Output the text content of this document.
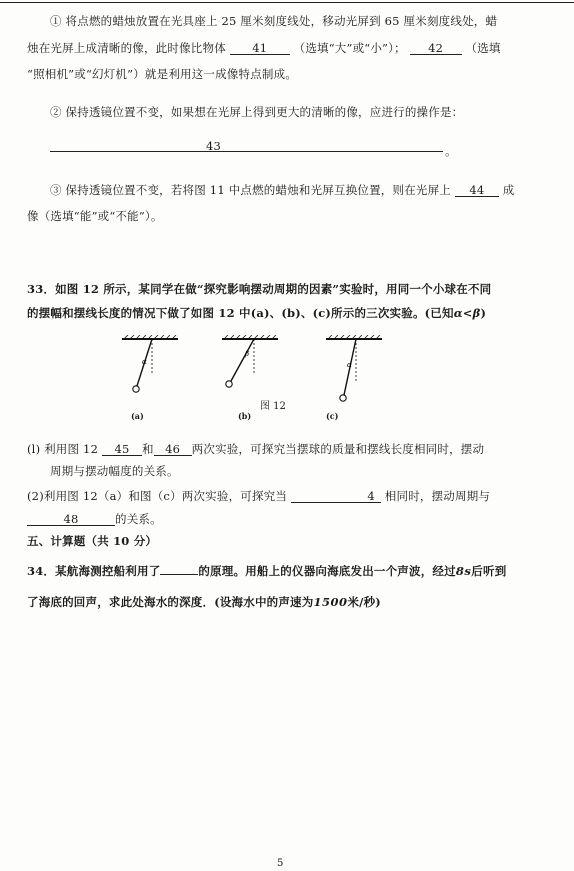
① 将点燃的蜡烛放置在光具座上 25 厘米刻度线处，移动光屏到 65 厘米刻度线处，蜡
烛在光屏上成清晰的像，此时像比物体 41 （选填“大”或“小”）； 42 （选填
“照相机”或“幻灯机”）就是利用这一成像特点制成。
② 保持透镜位置不变，如果想在光屏上得到更大的清晰的像，应进行的操作是：
43	。
③ 保持透镜位置不变，若将图 11 中点燃的蜡烛和光屏互换位置，则在光屏上 44 成
像（选填“能”或“不能”）。
33．如图 12 所示，某同学在做“探究影响摆动周期的因素”实验时，用同一个小球在不同
的摆幅和摆线长度的情况下做了如图 12 中(a)、(b)、(c)所示的三次实验。(已知α<β)
α
(a)
β
图 12
(b)
α
(c)
(l) 利用图 12 45 和 46 两次实验，可探究当摆球的质量和摆线长度相同时，摆动
周期与摆动幅度的关系。
(2)利用图 12（a）和图（c）两次实验，可探究当	4 相同时，摆动周期与
48	的关系。
五、计算题（共 10 分）
34．某航海测控船利用了	的原理。用船上的仪器向海底发出一个声波，经过8s后听到
了海底的回声，求此处海水的深度．(设海水中的声速为1500米/秒)
5
